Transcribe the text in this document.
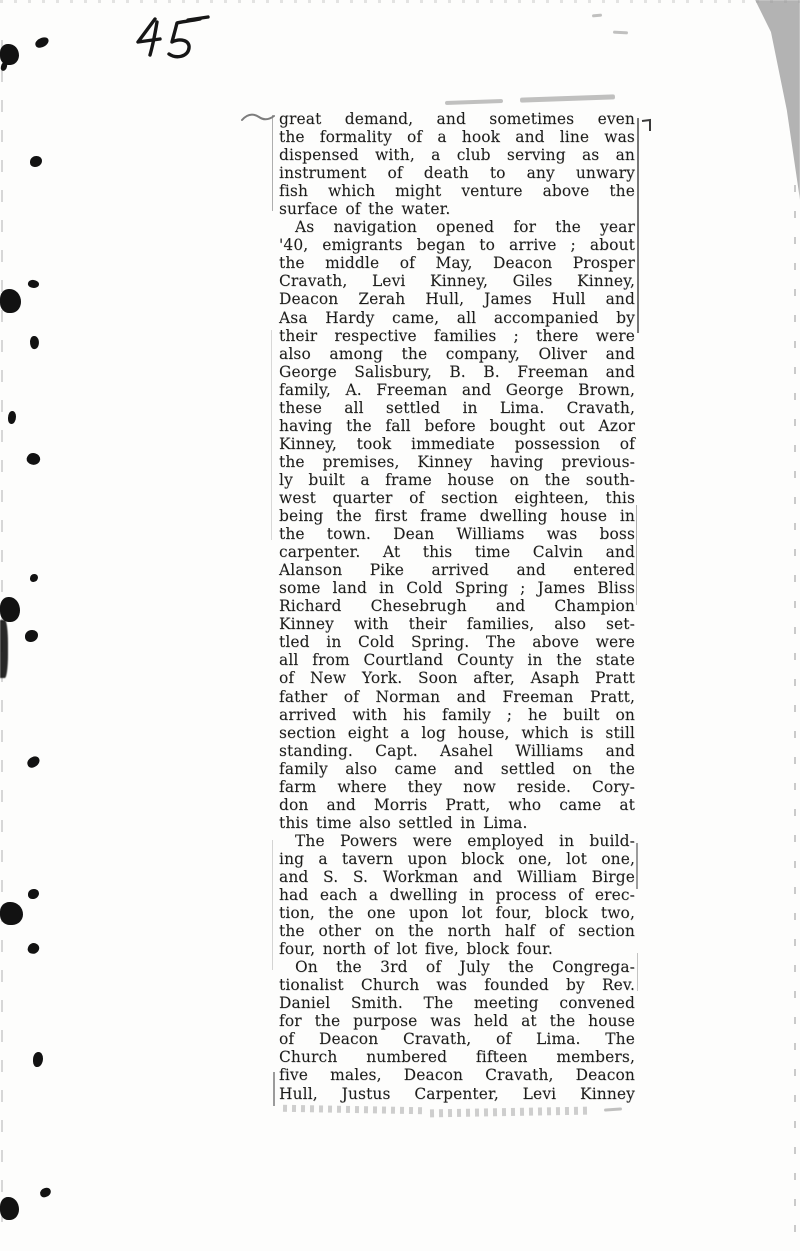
great demand, and sometimes even
the formality of a hook and line was
dispensed with, a club serving as an
instrument of death to any unwary
fish which might venture above the
surface of the water.
As navigation opened for the year
'40, emigrants began to arrive ; about
the middle of May, Deacon Prosper
Cravath, Levi Kinney, Giles Kinney,
Deacon Zerah Hull, James Hull and
Asa Hardy came, all accompanied by
their respective families ; there were
also among the company, Oliver and
George Salisbury, B. B. Freeman and
family, A. Freeman and George Brown,
these all settled in Lima. Cravath,
having the fall before bought out Azor
Kinney, took immediate possession of
the premises, Kinney having previous-
ly built a frame house on the south-
west quarter of section eighteen, this
being the first frame dwelling house in
the town. Dean Williams was boss
carpenter. At this time Calvin and
Alanson Pike arrived and entered
some land in Cold Spring ; James Bliss
Richard Chesebrugh and Champion
Kinney with their families, also set-
tled in Cold Spring. The above were
all from Courtland County in the state
of New York. Soon after, Asaph Pratt
father of Norman and Freeman Pratt,
arrived with his family ; he built on
section eight a log house, which is still
standing. Capt. Asahel Williams and
family also came and settled on the
farm where they now reside. Cory-
don and Morris Pratt, who came at
this time also settled in Lima.
The Powers were employed in build-
ing a tavern upon block one, lot one,
and S. S. Workman and William Birge
had each a dwelling in process of erec-
tion, the one upon lot four, block two,
the other on the north half of section
four, north of lot five, block four.
On the 3rd of July the Congrega-
tionalist Church was founded by Rev.
Daniel Smith. The meeting convened
for the purpose was held at the house
of Deacon Cravath, of Lima. The
Church numbered fifteen members,
five males, Deacon Cravath, Deacon
Hull, Justus Carpenter, Levi Kinney
